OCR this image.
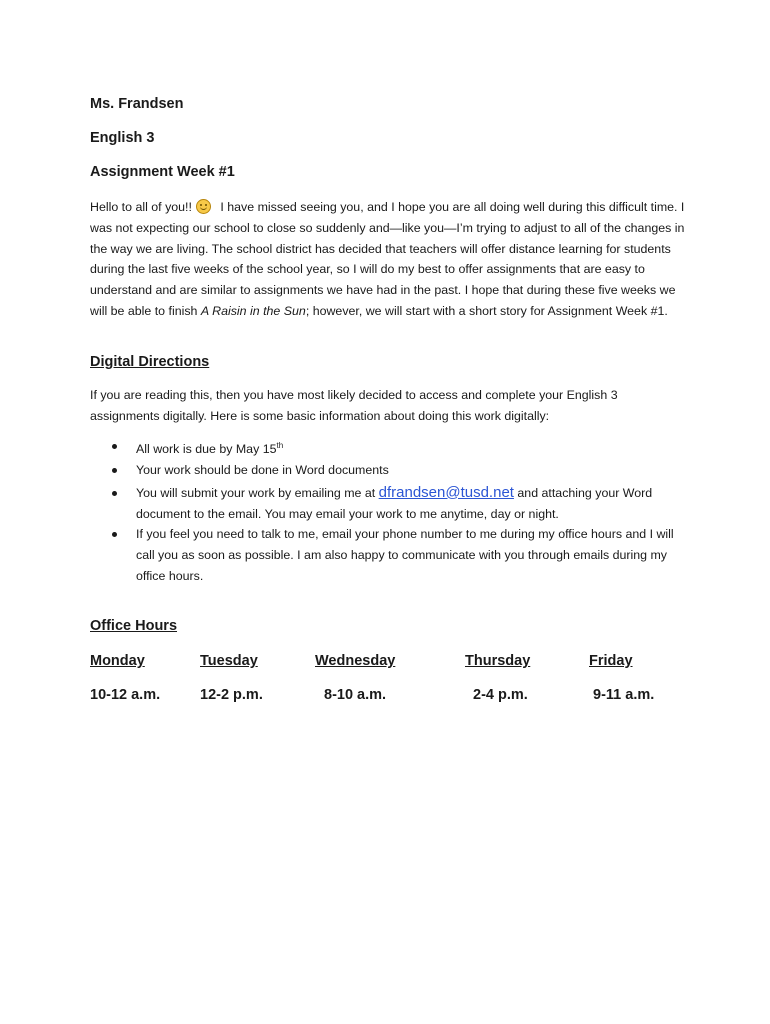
Ms. Frandsen
English 3
Assignment Week #1

Hello to all of you!! I have missed seeing you, and I hope you are all doing well during this difficult time. I was not expecting our school to close so suddenly and—like you—I’m trying to adjust to all of the changes in the way we are living. The school district has decided that teachers will offer distance learning for students during the last five weeks of the school year, so I will do my best to offer assignments that are easy to understand and are similar to assignments we have had in the past. I hope that during these five weeks we will be able to finish A Raisin in the Sun; however, we will start with a short story for Assignment Week #1.

Digital Directions
If you are reading this, then you have most likely decided to access and complete your English 3 assignments digitally. Here is some basic information about doing this work digitally:
All work is due by May 15th
Your work should be done in Word documents
You will submit your work by emailing me at dfrandsen@tusd.net and attaching your Word document to the email. You may email your work to me anytime, day or night.
If you feel you need to talk to me, email your phone number to me during my office hours and I will call you as soon as possible. I am also happy to communicate with you through emails during my office hours.
Office Hours
Monday	Tuesday	Wednesday	Thursday	Friday
10-12 a.m.	12-2 p.m.	8-10 a.m.	2-4 p.m.	9-11 a.m.
